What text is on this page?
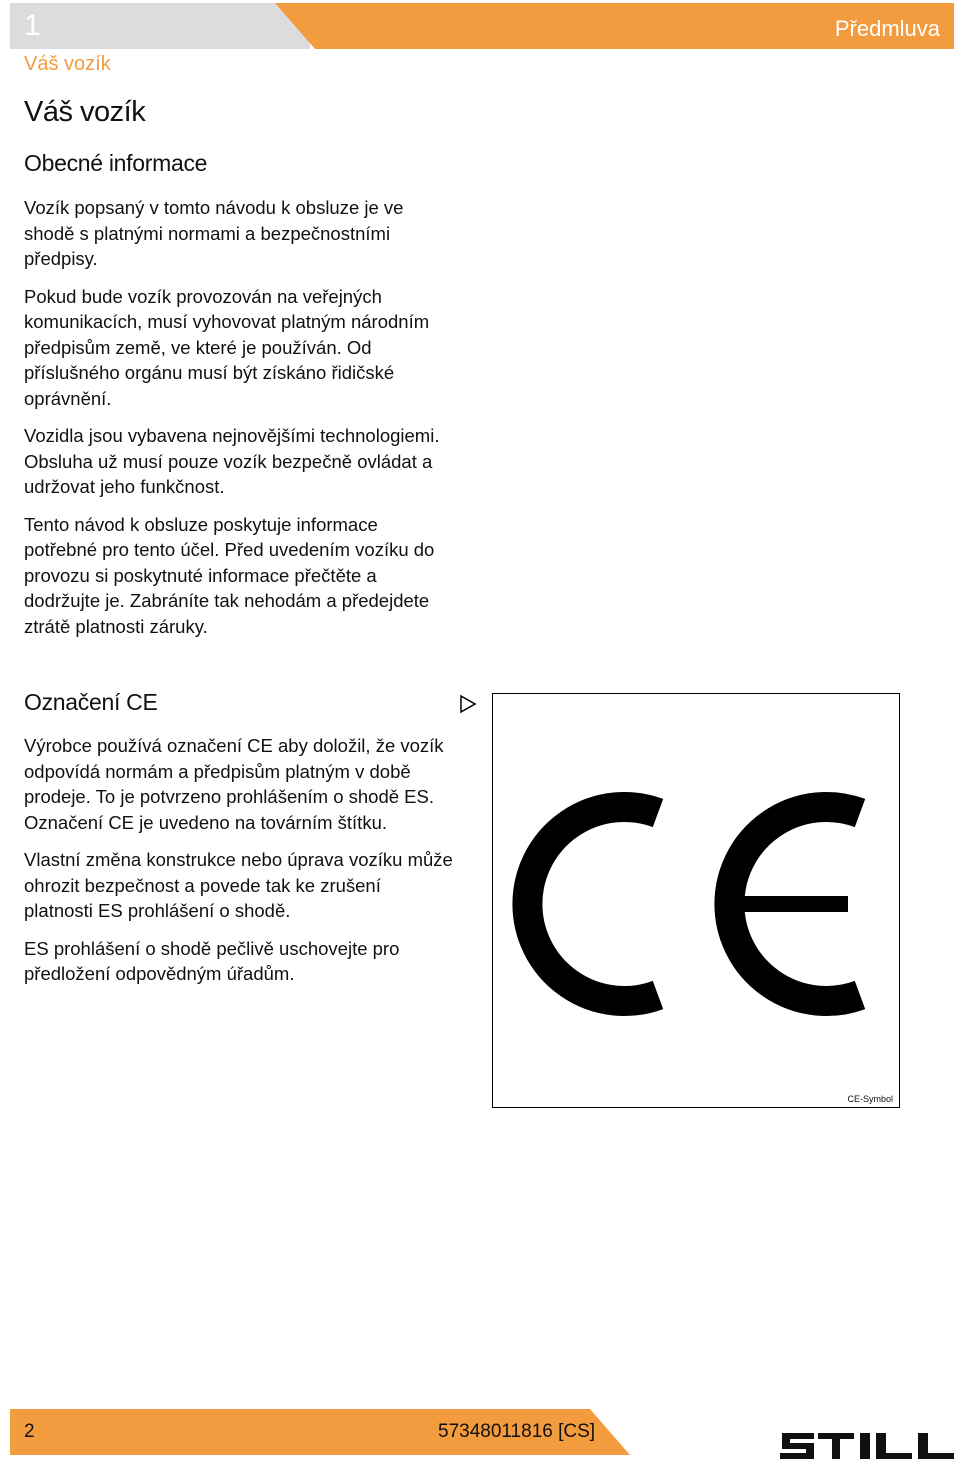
1	Předmluva
Váš vozík
Váš vozík
Obecné informace

Vozík popsaný v tomto návodu k obsluze je ve shodě s platnými normami a bezpečnostními předpisy.

Pokud bude vozík provozován na veřejných komunikacích, musí vyhovovat platným národním předpisům země, ve které je používán. Od příslušného orgánu musí být získáno řidičské oprávnění.

Vozidla jsou vybavena nejnovějšími technologiemi. Obsluha už musí pouze vozík bezpečně ovládat a udržovat jeho funkčnost.

Tento návod k obsluze poskytuje informace potřebné pro tento účel. Před uvedením vozíku do provozu si poskytnuté informace přečtěte a dodržujte je. Zabráníte tak nehodám a předejdete ztrátě platnosti záruky.

Označení CE

Výrobce používá označení CE aby doložil, že vozík odpovídá normám a předpisům platným v době prodeje. To je potvrzeno prohlášením o shodě ES. Označení CE je uvedeno na továrním štítku.

Vlastní změna konstrukce nebo úprava vozíku může ohrozit bezpečnost a povede tak ke zrušení platnosti ES prohlášení o shodě.

ES prohlášení o shodě pečlivě uschovejte pro předložení odpovědným úřadům.

CE-Symbol
2	57348011816 [CS]
